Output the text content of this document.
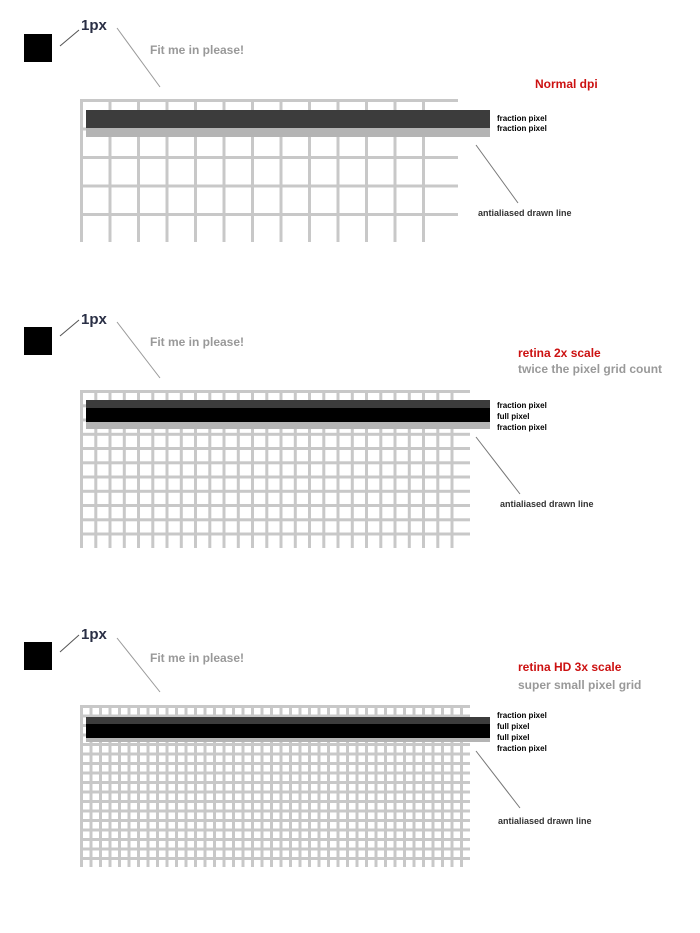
1px
Fit me in please!
Normal dpi
fraction pixel
fraction pixel
antialiased drawn line
1px
Fit me in please!
retina 2x scale
twice the pixel grid count
fraction pixel
full pixel
fraction pixel
antialiased drawn line
1px
Fit me in please!
retina HD 3x scale
super small pixel grid
fraction pixel
full pixel
full pixel
fraction pixel
antialiased drawn line
